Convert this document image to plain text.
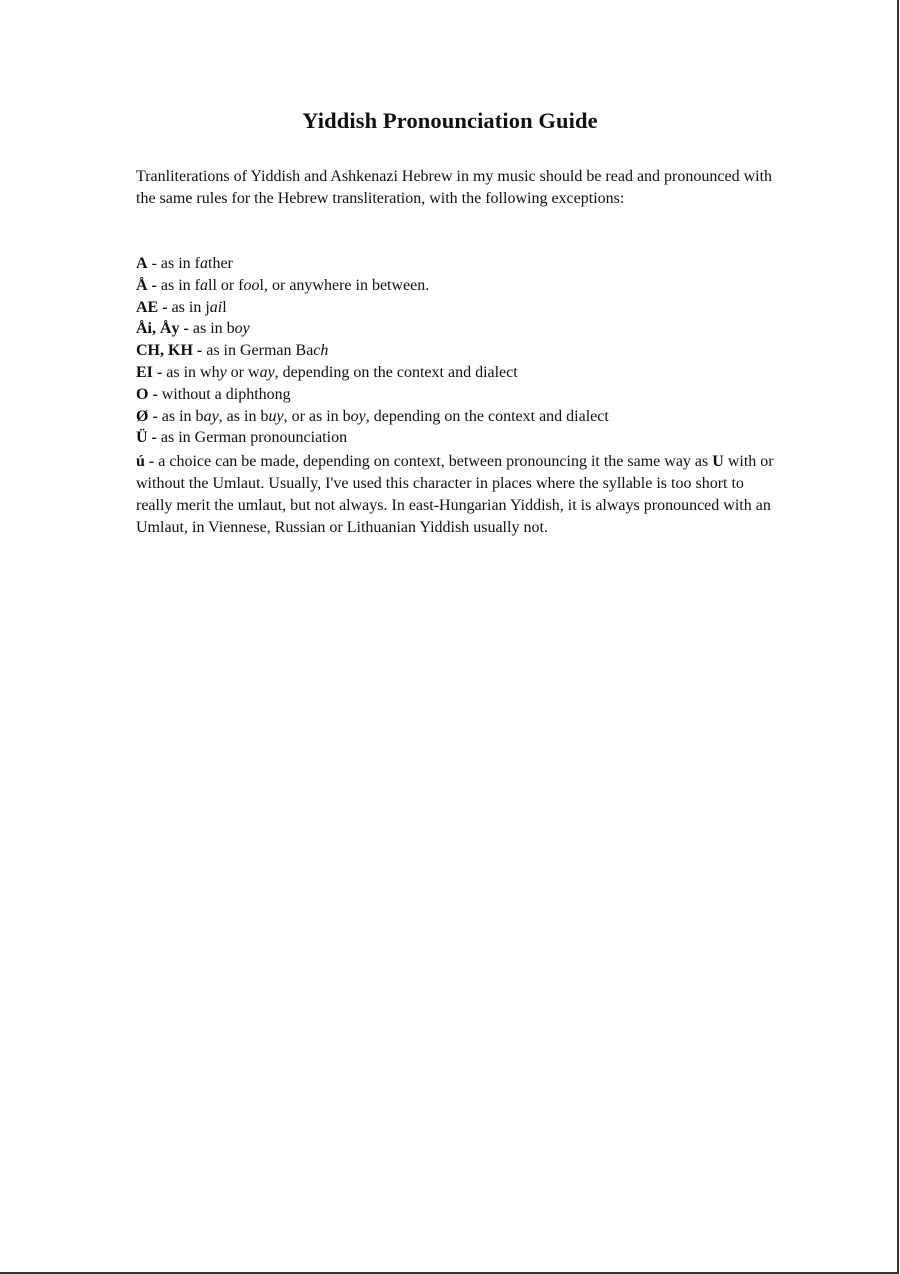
Yiddish Pronounciation Guide

Tranliterations of Yiddish and Ashkenazi Hebrew in my music should be read and pronounced with the same rules for the Hebrew transliteration, with the following exceptions:

A - as in father
Å - as in fall or fool, or anywhere in between.
AE - as in jail
Åi, Åy - as in boy
CH, KH - as in German Bach
EI - as in why or way, depending on the context and dialect
O - without a diphthong
Ø - as in bay, as in buy, or as in boy, depending on the context and dialect
Ü - as in German pronounciation
ú - a choice can be made, depending on context, between pronouncing it the same way as U with or without the Umlaut. Usually, I've used this character in places where the syllable is too short to really merit the umlaut, but not always. In east-Hungarian Yiddish, it is always pronounced with an Umlaut, in Viennese, Russian or Lithuanian Yiddish usually not.
